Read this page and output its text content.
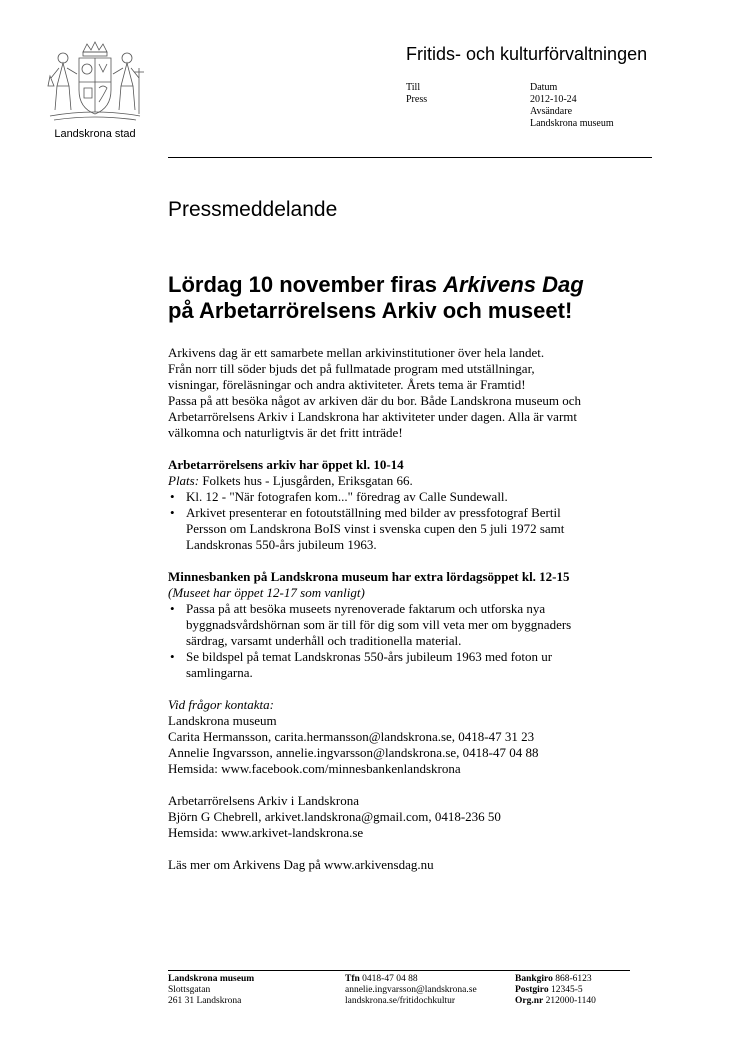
Landskrona stad
Fritids- och kulturförvaltningen
Till
Press
Datum
2012-10-24
Avsändare
Landskrona museum
Pressmeddelande
Lördag 10 november firas Arkivens Dag
på Arbetarrörelsens Arkiv och museet!
Arkivens dag är ett samarbete mellan arkivinstitutioner över hela landet.
Från norr till söder bjuds det på fullmatade program med utställningar,
visningar, föreläsningar och andra aktiviteter. Årets tema är Framtid!
Passa på att besöka något av arkiven där du bor. Både Landskrona museum och
Arbetarrörelsens Arkiv i Landskrona har aktiviteter under dagen. Alla är varmt
välkomna och naturligtvis är det fritt inträde!
Arbetarrörelsens arkiv har öppet kl. 10-14
Plats: Folkets hus - Ljusgården, Eriksgatan 66.
• Kl. 12 - "När fotografen kom..." föredrag av Calle Sundewall.
• Arkivet presenterar en fotoutställning med bilder av pressfotograf Bertil
Persson om Landskrona BoIS vinst i svenska cupen den 5 juli 1972 samt
Landskronas 550-års jubileum 1963.
Minnesbanken på Landskrona museum har extra lördagsöppet kl. 12-15
(Museet har öppet 12-17 som vanligt)
• Passa på att besöka museets nyrenoverade faktarum och utforska nya
byggnadsvårdshörnan som är till för dig som vill veta mer om byggnaders
särdrag, varsamt underhåll och traditionella material.
• Se bildspel på temat Landskronas 550-års jubileum 1963 med foton ur
samlingarna.
Vid frågor kontakta:
Landskrona museum
Carita Hermansson, carita.hermansson@landskrona.se, 0418-47 31 23
Annelie Ingvarsson, annelie.ingvarsson@landskrona.se, 0418-47 04 88
Hemsida: www.facebook.com/minnesbankenlandskrona
Arbetarrörelsens Arkiv i Landskrona
Björn G Chebrell, arkivet.landskrona@gmail.com, 0418-236 50
Hemsida: www.arkivet-landskrona.se
Läs mer om Arkivens Dag på www.arkivensdag.nu
Landskrona museum
Slottsgatan
261 31 Landskrona
Tfn 0418-47 04 88
annelie.ingvarsson@landskrona.se
landskrona.se/fritidochkultur
Bankgiro 868-6123
Postgiro 12345-5
Org.nr 212000-1140
